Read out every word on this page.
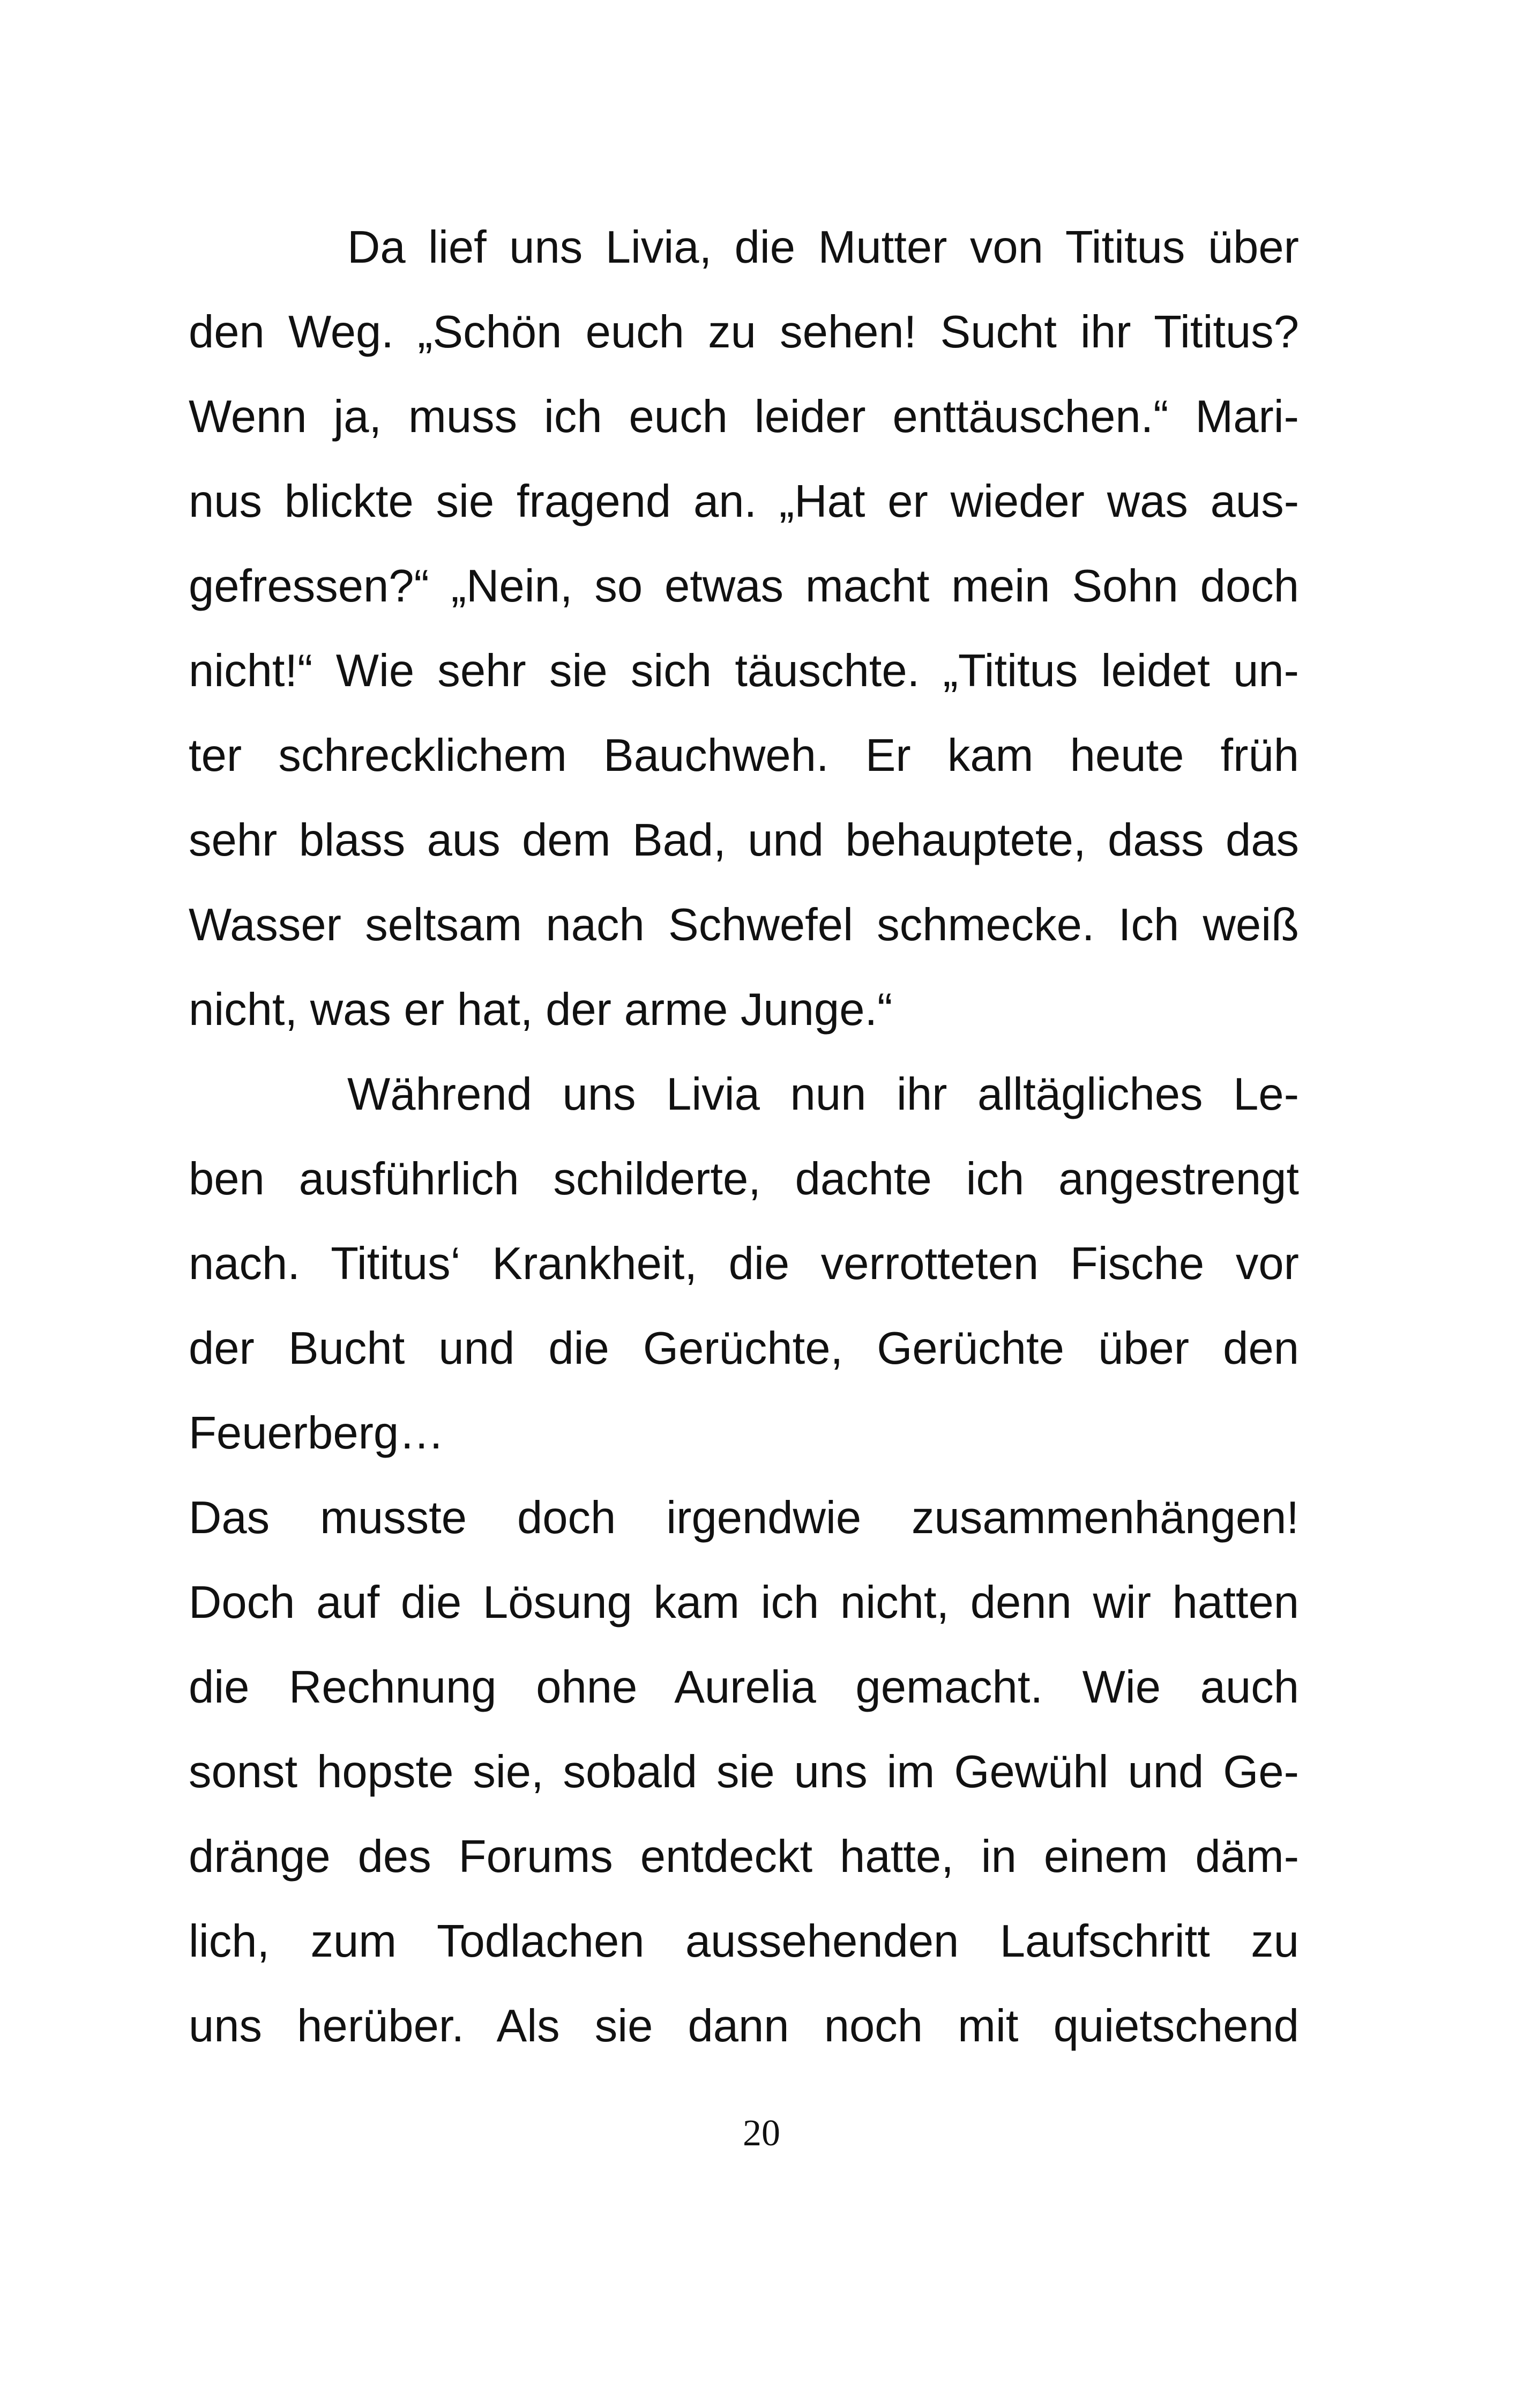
Da lief uns Livia, die Mutter von Tititus über
den Weg. „Schön euch zu sehen! Sucht ihr Tititus?
Wenn ja, muss ich euch leider enttäuschen.“ Mari-
nus blickte sie fragend an. „Hat er wieder was aus-
gefressen?“ „Nein, so etwas macht mein Sohn doch
nicht!“ Wie sehr sie sich täuschte. „Tititus leidet un-
ter schrecklichem Bauchweh. Er kam heute früh
sehr blass aus dem Bad, und behauptete, dass das
Wasser seltsam nach Schwefel schmecke. Ich weiß
nicht, was er hat, der arme Junge.“
Während uns Livia nun ihr alltägliches Le-
ben ausführlich schilderte, dachte ich angestrengt
nach. Tititus‘ Krankheit, die verrotteten Fische vor
der Bucht und die Gerüchte, Gerüchte über den
Feuerberg…
Das musste doch irgendwie zusammenhängen!
Doch auf die Lösung kam ich nicht, denn wir hatten
die Rechnung ohne Aurelia gemacht. Wie auch
sonst hopste sie, sobald sie uns im Gewühl und Ge-
dränge des Forums entdeckt hatte, in einem däm-
lich, zum Todlachen aussehenden Laufschritt zu
uns herüber. Als sie dann noch mit quietschend
20
